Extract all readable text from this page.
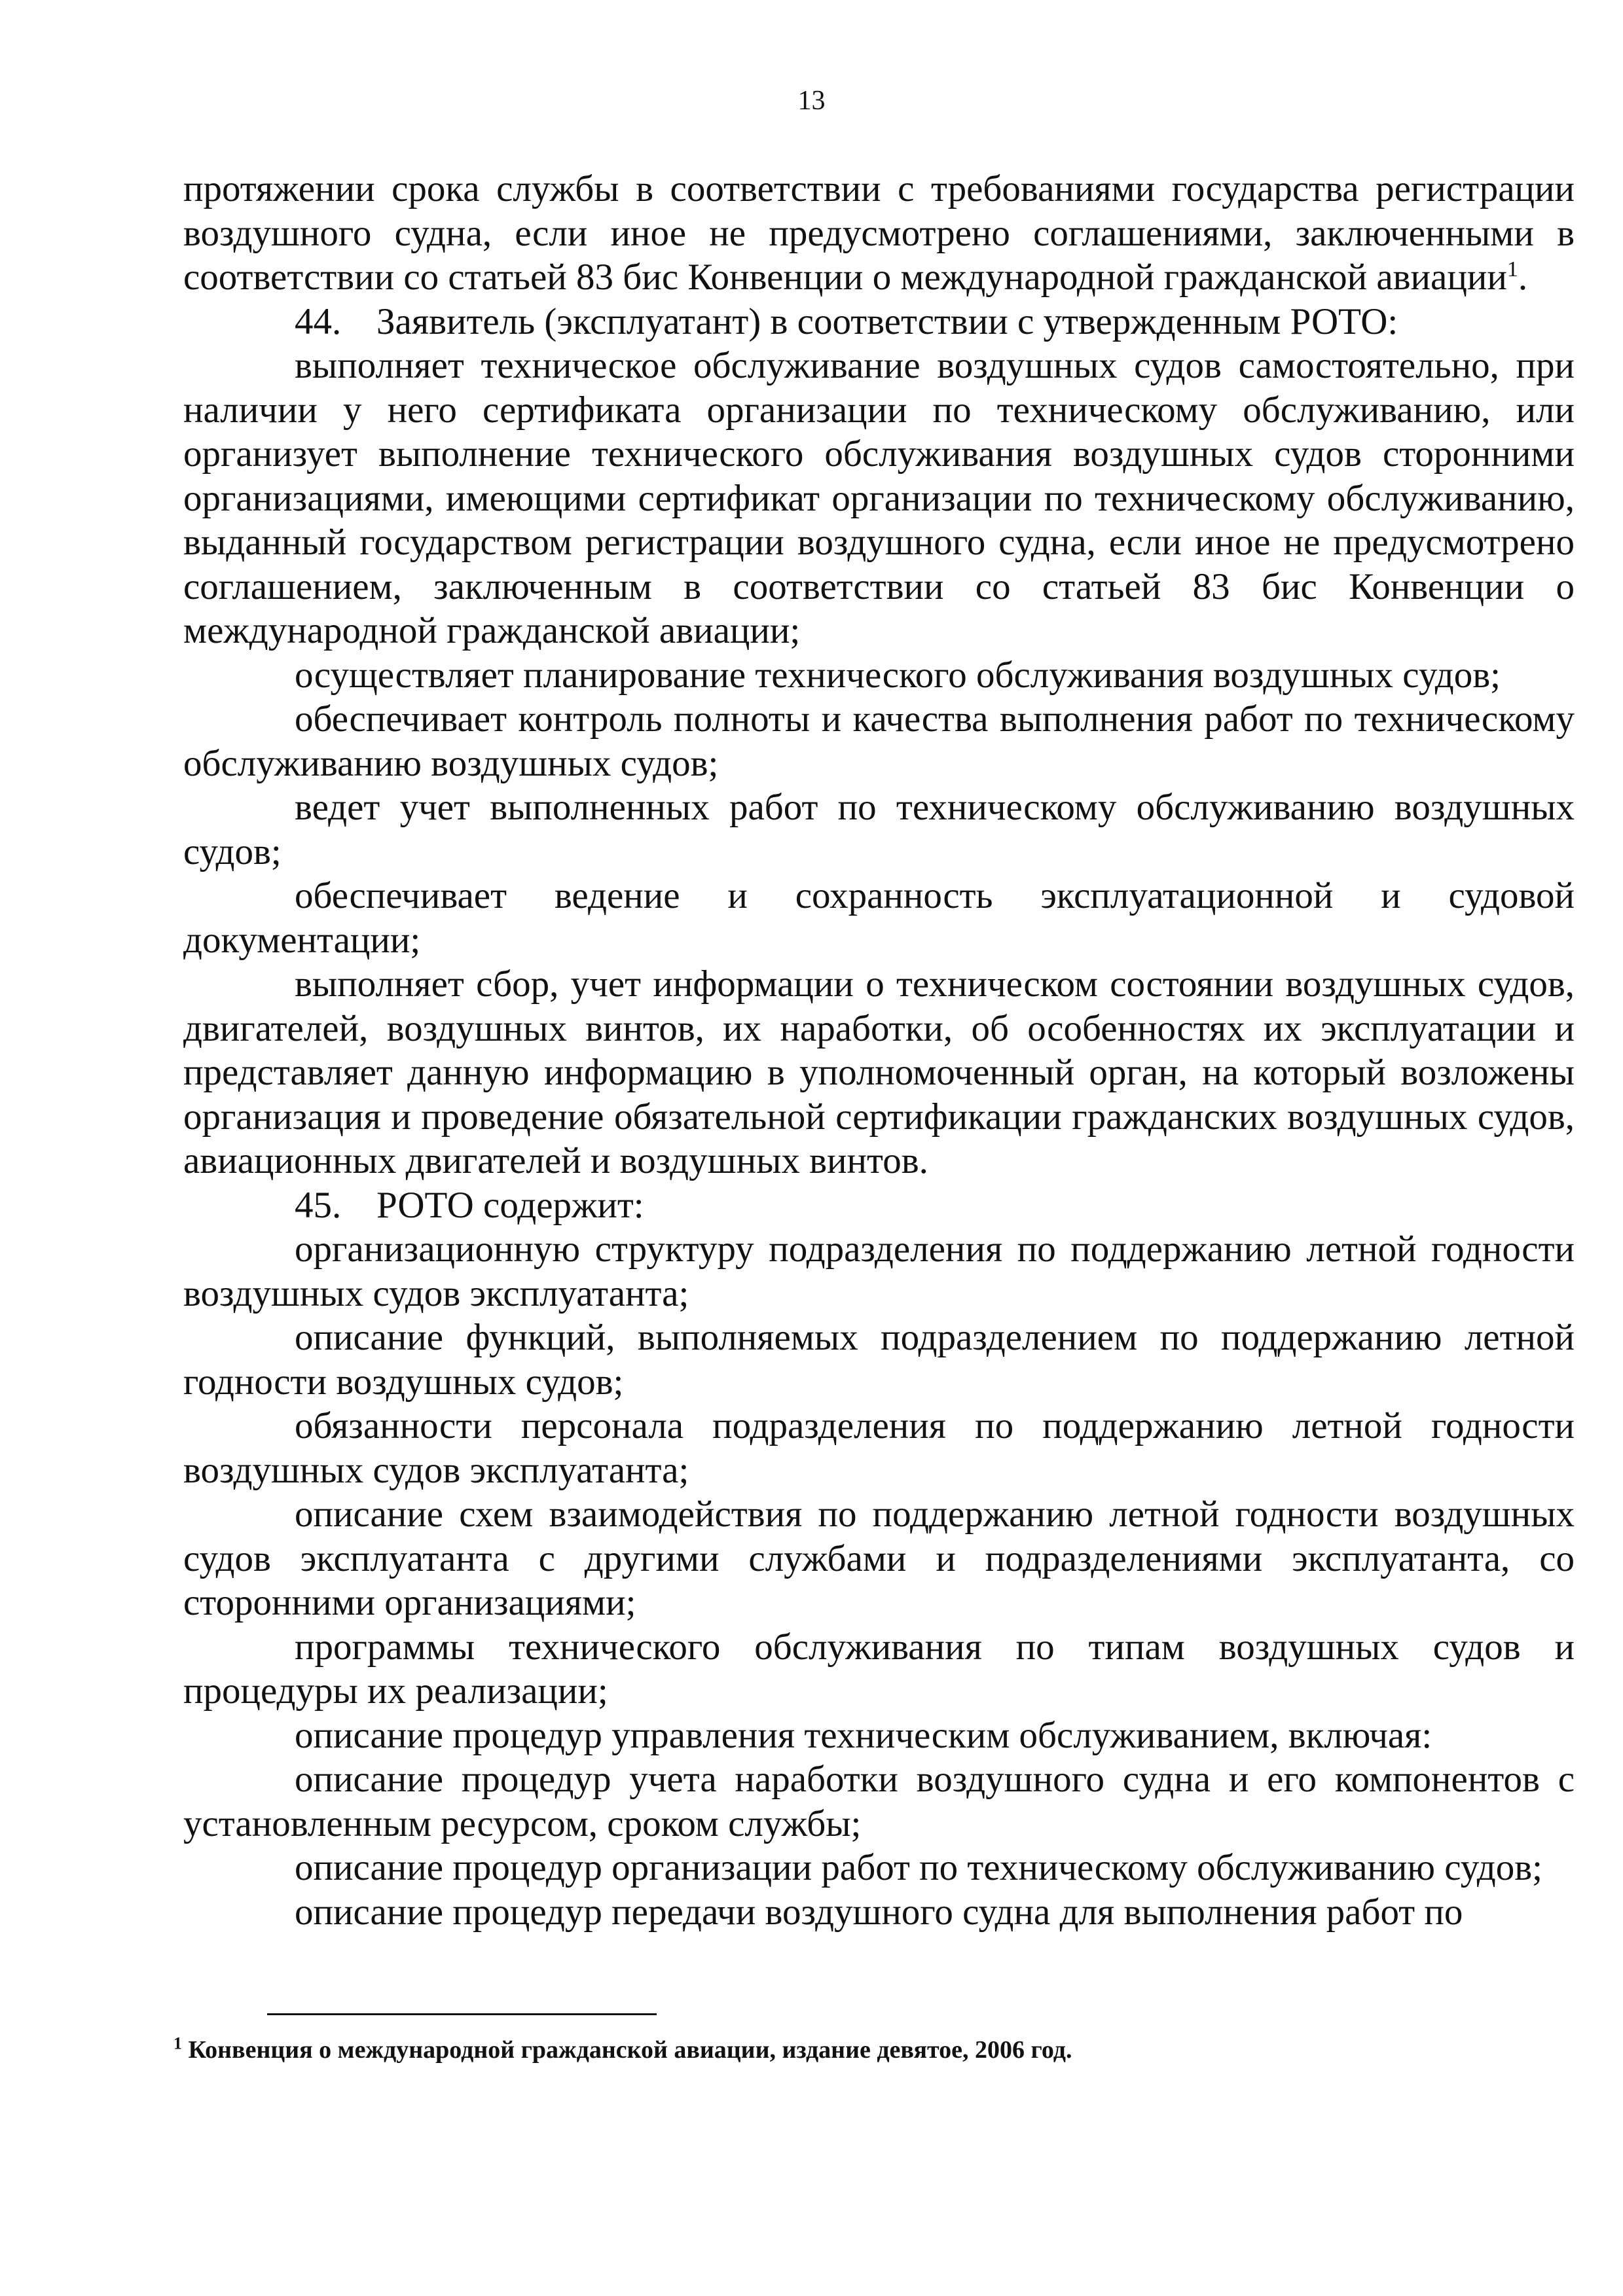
13

протяжении срока службы в соответствии с требованиями государства регистрации воздушного судна, если иное не предусмотрено соглашениями, заключенными в соответствии со статьей 83 бис Конвенции о международной гражданской авиации$^1$.

44. Заявитель (эксплуатант) в соответствии с утвержденным РОТО:

выполняет техническое обслуживание воздушных судов самостоятельно, при наличии у него сертификата организации по техническому обслуживанию, или организует выполнение технического обслуживания воздушных судов сторонними организациями, имеющими сертификат организации по техническому обслуживанию, выданный государством регистрации воздушного судна, если иное не предусмотрено соглашением, заключенным в соответствии со статьей 83 бис Конвенции о международной гражданской авиации;

осуществляет планирование технического обслуживания воздушных судов;

обеспечивает контроль полноты и качества выполнения работ по техническому обслуживанию воздушных судов;

ведет учет выполненных работ по техническому обслуживанию воздушных судов;

обеспечивает ведение и сохранность эксплуатационной и судовой документации;

выполняет сбор, учет информации о техническом состоянии воздушных судов, двигателей, воздушных винтов, их наработки, об особенностях их эксплуатации и представляет данную информацию в уполномоченный орган, на который возложены организация и проведение обязательной сертификации гражданских воздушных судов, авиационных двигателей и воздушных винтов.

45. РОТО содержит:

организационную структуру подразделения по поддержанию летной годности воздушных судов эксплуатанта;

описание функций, выполняемых подразделением по поддержанию летной годности воздушных судов;

обязанности персонала подразделения по поддержанию летной годности воздушных судов эксплуатанта;

описание схем взаимодействия по поддержанию летной годности воздушных судов эксплуатанта с другими службами и подразделениями эксплуатанта, со сторонними организациями;

программы технического обслуживания по типам воздушных судов и процедуры их реализации;

описание процедур управления техническим обслуживанием, включая:

описание процедур учета наработки воздушного судна и его компонентов с установленным ресурсом, сроком службы;

описание процедур организации работ по техническому обслуживанию судов;

описание процедур передачи воздушного судна для выполнения работ по

$^1$ Конвенция о международной гражданской авиации, издание девятое, 2006 год.
